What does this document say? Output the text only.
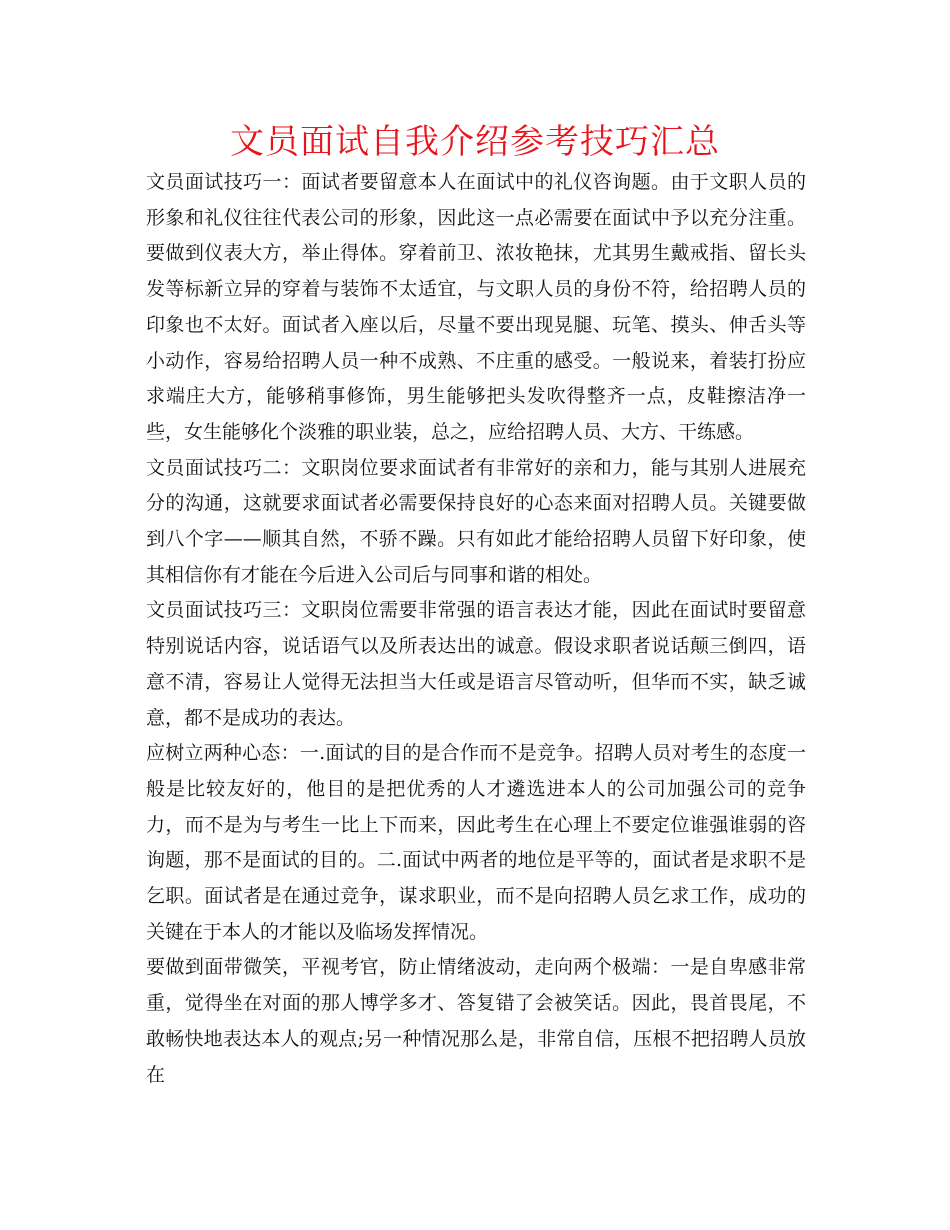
文员面试自我介绍参考技巧汇总

文员面试技巧一：面试者要留意本人在面试中的礼仪咨询题。由于文职人员的形象和礼仪往往代表公司的形象，因此这一点必需要在面试中予以充分注重。要做到仪表大方，举止得体。穿着前卫、浓妆艳抹，尤其男生戴戒指、留长头发等标新立异的穿着与装饰不太适宜，与文职人员的身份不符，给招聘人员的印象也不太好。面试者入座以后，尽量不要出现晃腿、玩笔、摸头、伸舌头等小动作，容易给招聘人员一种不成熟、不庄重的感受。一般说来，着装打扮应求端庄大方，能够稍事修饰，男生能够把头发吹得整齐一点，皮鞋擦洁净一些，女生能够化个淡雅的职业装，总之，应给招聘人员、大方、干练感。

文员面试技巧二：文职岗位要求面试者有非常好的亲和力，能与其别人进展充分的沟通，这就要求面试者必需要保持良好的心态来面对招聘人员。关键要做到八个字——顺其自然，不骄不躁。只有如此才能给招聘人员留下好印象，使其相信你有才能在今后进入公司后与同事和谐的相处。

文员面试技巧三：文职岗位需要非常强的语言表达才能，因此在面试时要留意特别说话内容，说话语气以及所表达出的诚意。假设求职者说话颠三倒四，语意不清，容易让人觉得无法担当大任或是语言尽管动听，但华而不实，缺乏诚意，都不是成功的表达。

应树立两种心态：一.面试的目的是合作而不是竞争。招聘人员对考生的态度一般是比较友好的，他目的是把优秀的人才遴选进本人的公司加强公司的竞争力，而不是为与考生一比上下而来，因此考生在心理上不要定位谁强谁弱的咨询题，那不是面试的目的。二.面试中两者的地位是平等的，面试者是求职不是乞职。面试者是在通过竞争，谋求职业，而不是向招聘人员乞求工作，成功的关键在于本人的才能以及临场发挥情况。

要做到面带微笑，平视考官，防止情绪波动，走向两个极端：一是自卑感非常重，觉得坐在对面的那人博学多才、答复错了会被笑话。因此，畏首畏尾，不敢畅快地表达本人的观点;另一种情况那么是，非常自信，压根不把招聘人员放在
